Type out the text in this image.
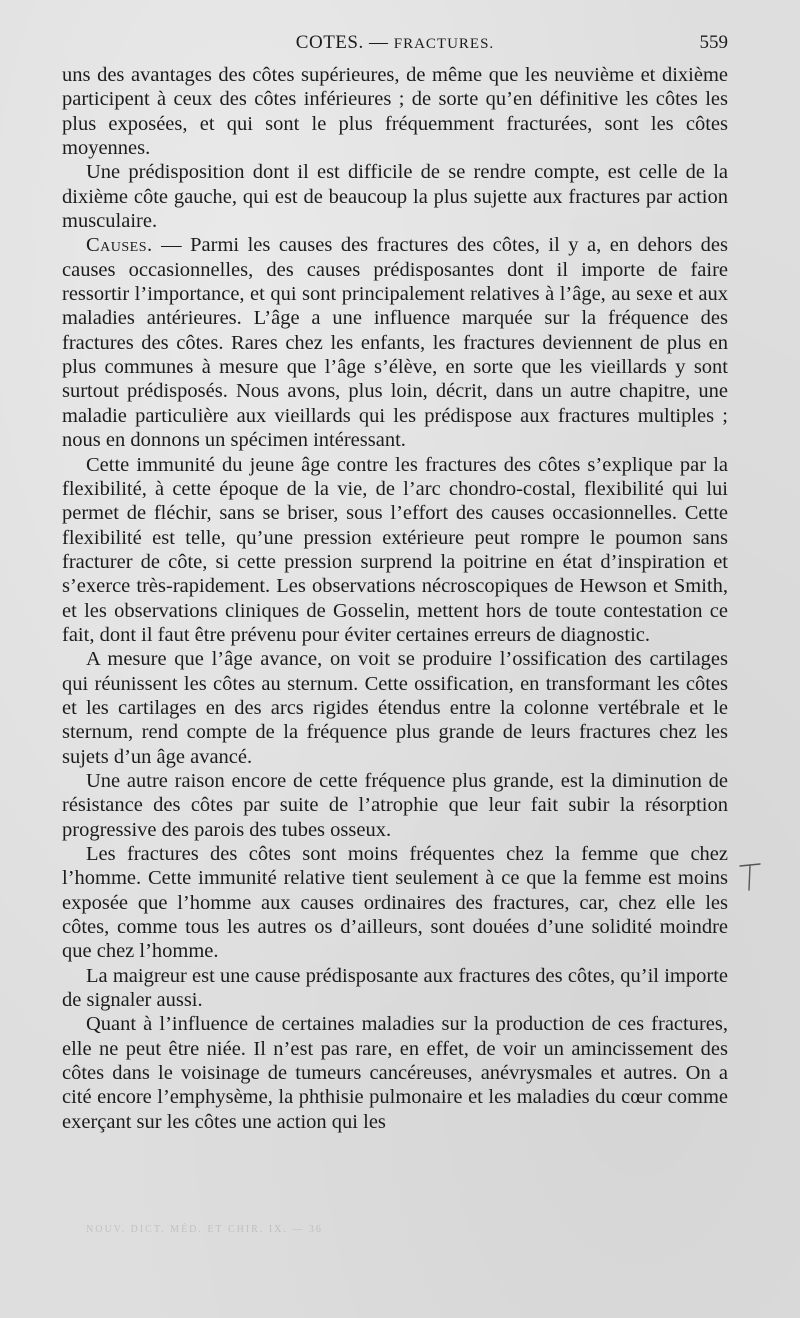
COTES. — FRACTURES.	559

uns des avantages des côtes supérieures, de même que les neuvième et dixième participent à ceux des côtes inférieures ; de sorte qu’en définitive les côtes les plus exposées, et qui sont le plus fréquemment fracturées, sont les côtes moyennes.

Une prédisposition dont il est difficile de se rendre compte, est celle de la dixième côte gauche, qui est de beaucoup la plus sujette aux fractures par action musculaire.

Causes. — Parmi les causes des fractures des côtes, il y a, en dehors des causes occasionnelles, des causes prédisposantes dont il importe de faire ressortir l’importance, et qui sont principalement relatives à l’âge, au sexe et aux maladies antérieures. L’âge a une influence marquée sur la fréquence des fractures des côtes. Rares chez les enfants, les fractures deviennent de plus en plus communes à mesure que l’âge s’élève, en sorte que les vieillards y sont surtout prédisposés. Nous avons, plus loin, décrit, dans un autre chapitre, une maladie particulière aux vieillards qui les prédispose aux fractures multiples ; nous en donnons un spécimen intéressant.

Cette immunité du jeune âge contre les fractures des côtes s’explique par la flexibilité, à cette époque de la vie, de l’arc chondro-costal, flexibilité qui lui permet de fléchir, sans se briser, sous l’effort des causes occasionnelles. Cette flexibilité est telle, qu’une pression extérieure peut rompre le poumon sans fracturer de côte, si cette pression surprend la poitrine en état d’inspiration et s’exerce très-rapidement. Les observations nécroscopiques de Hewson et Smith, et les observations cliniques de Gosselin, mettent hors de toute contestation ce fait, dont il faut être prévenu pour éviter certaines erreurs de diagnostic.

A mesure que l’âge avance, on voit se produire l’ossification des cartilages qui réunissent les côtes au sternum. Cette ossification, en transformant les côtes et les cartilages en des arcs rigides étendus entre la colonne vertébrale et le sternum, rend compte de la fréquence plus grande de leurs fractures chez les sujets d’un âge avancé.

Une autre raison encore de cette fréquence plus grande, est la diminution de résistance des côtes par suite de l’atrophie que leur fait subir la résorption progressive des parois des tubes osseux.

Les fractures des côtes sont moins fréquentes chez la femme que chez l’homme. Cette immunité relative tient seulement à ce que la femme est moins exposée que l’homme aux causes ordinaires des fractures, car, chez elle les côtes, comme tous les autres os d’ailleurs, sont douées d’une solidité moindre que chez l’homme.

La maigreur est une cause prédisposante aux fractures des côtes, qu’il importe de signaler aussi.

Quant à l’influence de certaines maladies sur la production de ces fractures, elle ne peut être niée. Il n’est pas rare, en effet, de voir un amincissement des côtes dans le voisinage de tumeurs cancéreuses, anévrysmales et autres. On a cité encore l’emphysème, la phthisie pulmonaire et les maladies du cœur comme exerçant sur les côtes une action qui les

NOUV. DICT. MÉD. ET CHIR. IX. — 36
